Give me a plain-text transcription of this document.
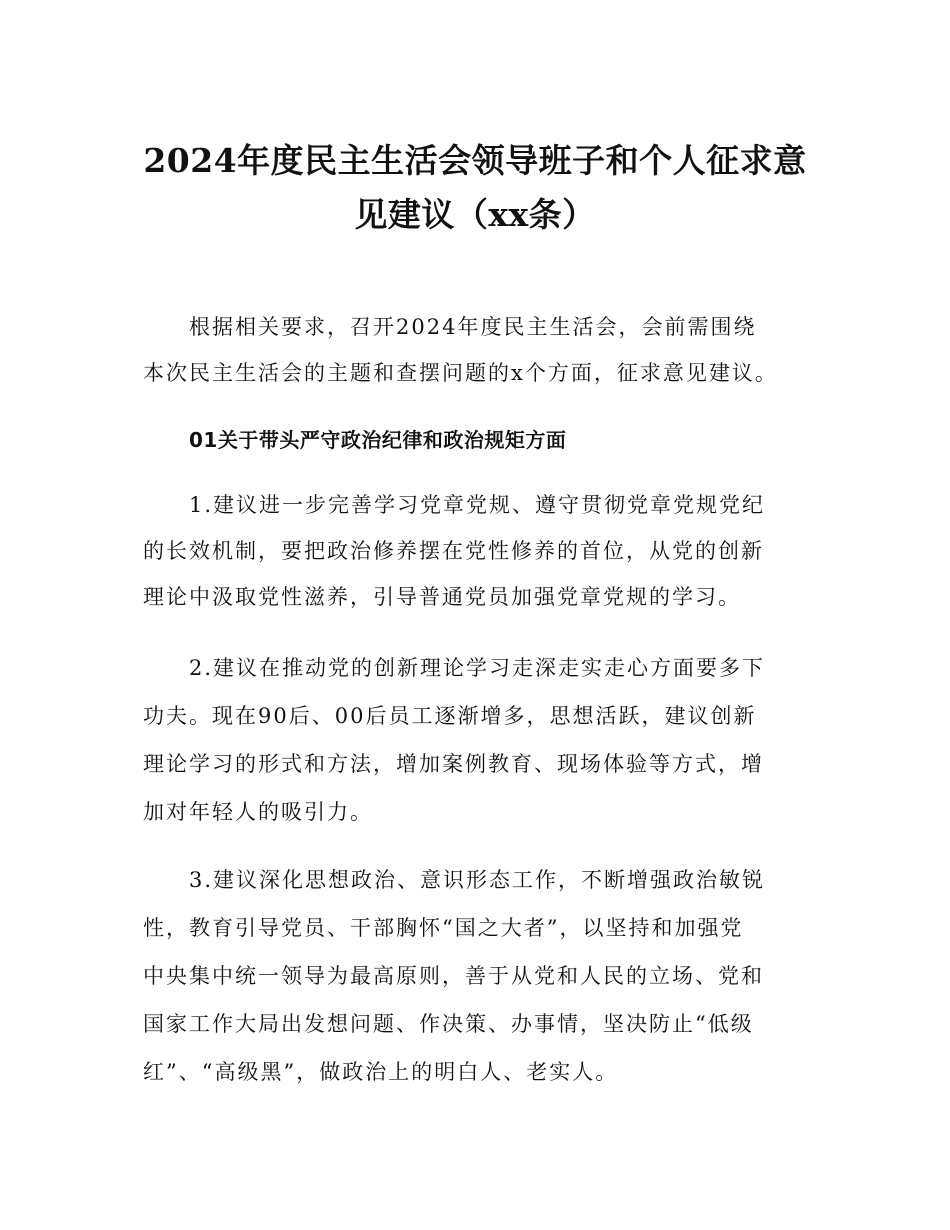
2024年度民主生活会领导班子和个人征求意
见建议（xx条）

根据相关要求，召开2024年度民主生活会，会前需围绕
本次民主生活会的主题和查摆问题的x个方面，征求意见建议。

01关于带头严守政治纪律和政治规矩方面

1.建议进一步完善学习党章党规、遵守贯彻党章党规党纪
的长效机制，要把政治修养摆在党性修养的首位，从党的创新
理论中汲取党性滋养，引导普通党员加强党章党规的学习。

2.建议在推动党的创新理论学习走深走实走心方面要多下
功夫。现在90后、00后员工逐渐增多，思想活跃，建议创新
理论学习的形式和方法，增加案例教育、现场体验等方式，增
加对年轻人的吸引力。

3.建议深化思想政治、意识形态工作，不断增强政治敏锐
性，教育引导党员、干部胸怀“国之大者”，以坚持和加强党
中央集中统一领导为最高原则，善于从党和人民的立场、党和
国家工作大局出发想问题、作决策、办事情，坚决防止“低级
红”、“高级黑”，做政治上的明白人、老实人。
